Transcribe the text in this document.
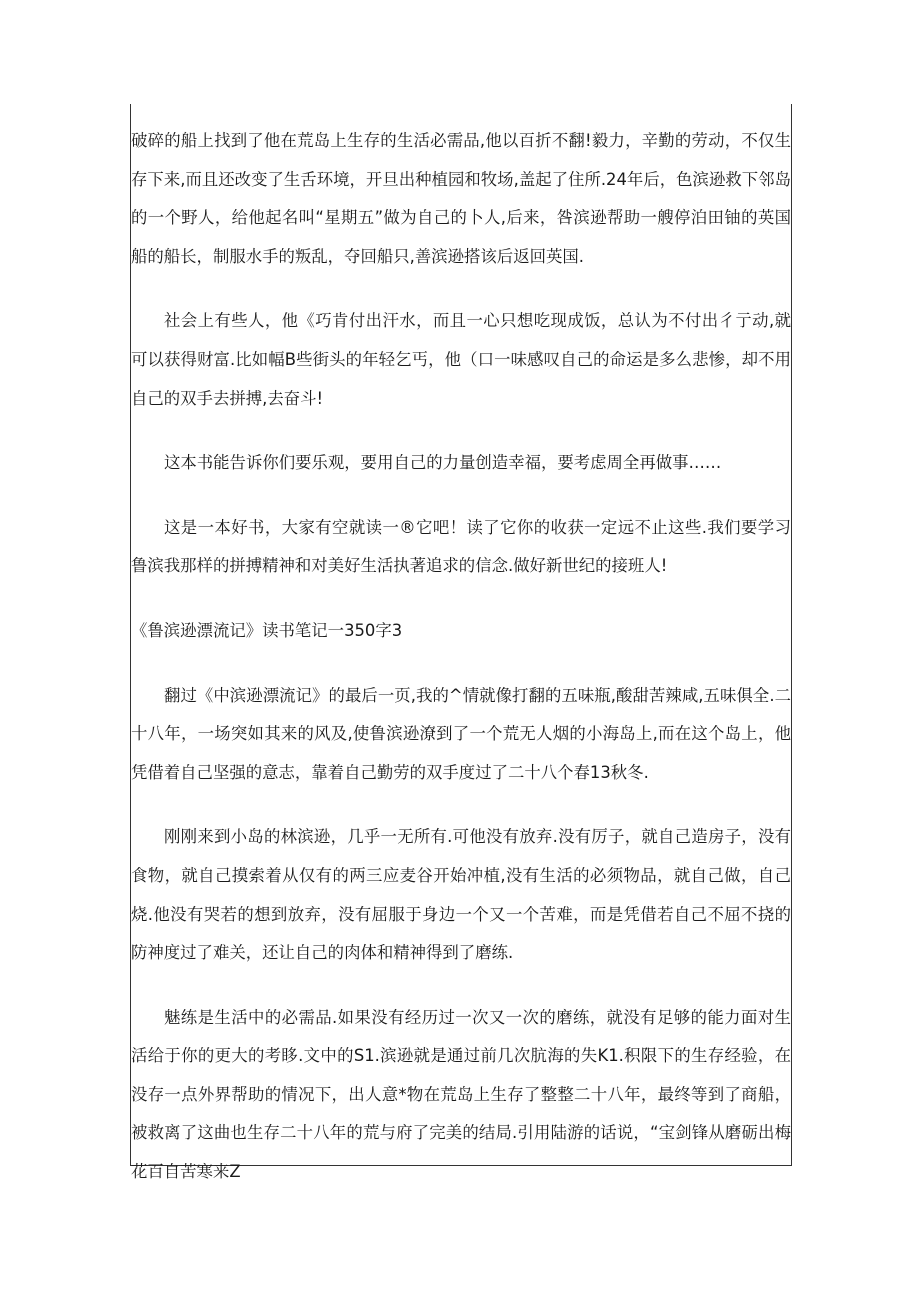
破碎的船上找到了他在荒岛上生存的生活必需品,他以百折不翻!毅力，辛勤的劳动，不仅生存下来,而且还改变了生舌环境，开旦出种植园和牧场,盖起了住所.24年后，色滨逊救下邻岛的一个野人，给他起名叫“星期五”做为自己的卜人,后来，咎滨逊帮助一艘停泊田铀的英国船的船长，制服水手的叛乱，夺回船只,善滨逊搭该后返回英国.

社会上有些人，他《巧肯付出汗水，而且一心只想吃现成饭，总认为不付出彳亍动,就可以获得财富.比如幅B些街头的年轻乞丐，他（口一味感叹自己的命运是多么悲惨，却不用自己的双手去拼搏,去奋斗!

这本书能告诉你们要乐观，要用自己的力量创造幸福，要考虑周全再做事……

这是一本好书，大家有空就读一®它吧！读了它你的收获一定远不止这些.我们要学习鲁滨我那样的拼搏精神和对美好生活执著追求的信念.做好新世纪的接班人!

《鲁滨逊漂流记》读书笔记一350字3

翻过《中滨逊漂流记》的最后一页,我的^情就像打翻的五味瓶,酸甜苦辣咸,五味俱全.二十八年，一场突如其来的风及,使鲁滨逊潦到了一个荒无人烟的小海岛上,而在这个岛上，他凭借着自己坚强的意志，靠着自己勤劳的双手度过了二十八个春13秋冬.

刚刚来到小岛的林滨逊，几乎一无所有.可他没有放弃.没有厉子，就自己造房子，没有食物，就自己摸索着从仅有的两三应麦谷开始冲植,没有生活的必须物品，就自己做，自己烧.他没有哭若的想到放弃，没有屈服于身边一个又一个苦难，而是凭借若自己不屈不挠的防神度过了难关，还让自己的肉体和精神得到了磨练.

魅练是生活中的必需品.如果没有经历过一次又一次的磨练，就没有足够的能力面对生活给于你的更大的考眵.文中的S1.滨逊就是通过前几次肮海的失K1.积限下的生存经验，在没存一点外界帮助的情况下，出人意*物在荒岛上生存了整整二十八年，最终等到了商船，被救离了这曲也生存二十八年的荒与府了完美的结局.引用陆游的话说，“宝剑锋从磨砺出梅花百自苦寒来Z
